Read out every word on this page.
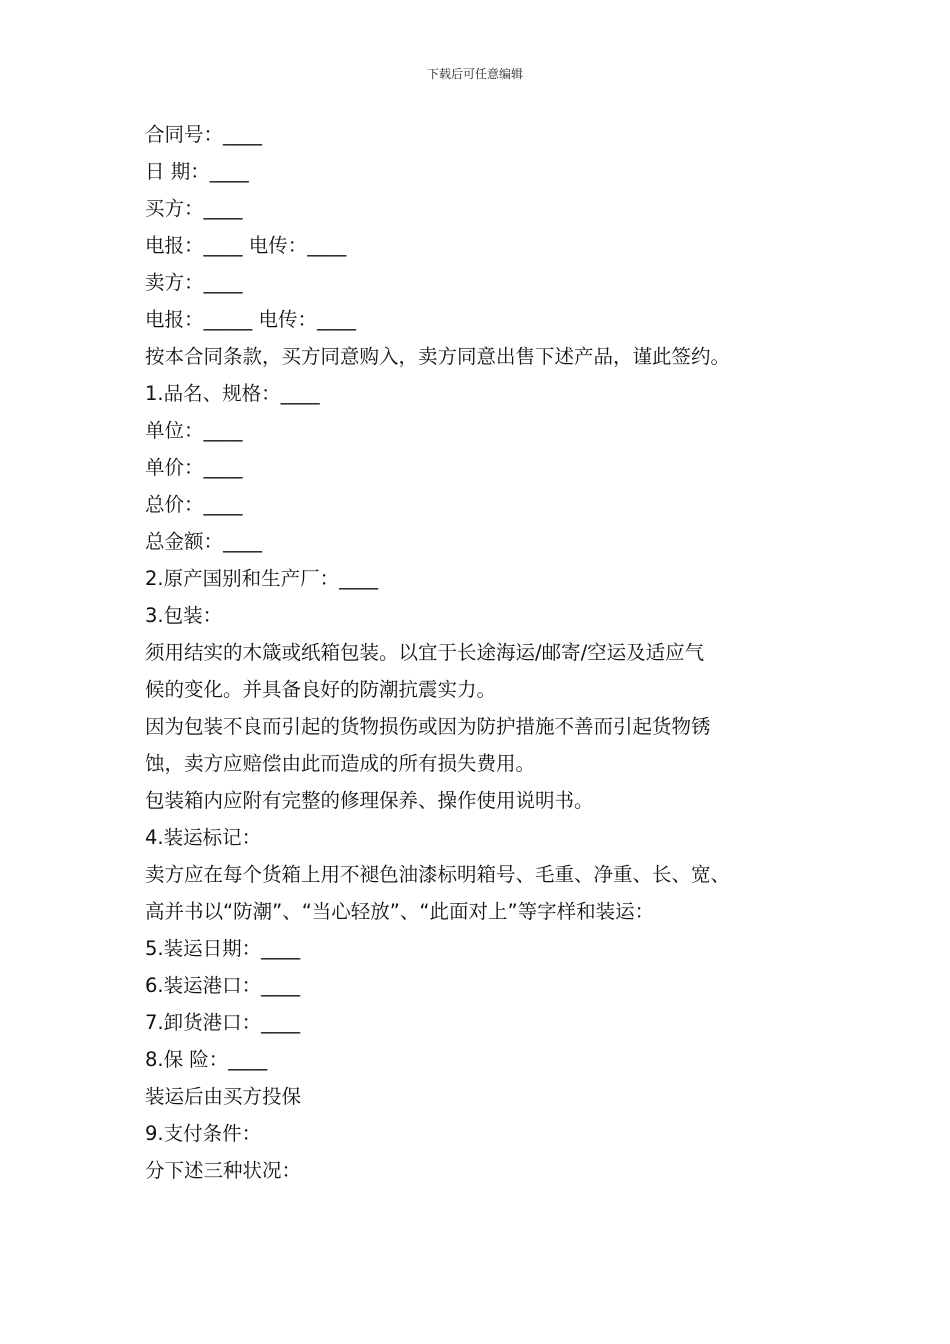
下载后可任意编辑
合同号：____
日 期：____
买方：____
电报：____ 电传：____
卖方：____
电报：_____ 电传：____
按本合同条款，买方同意购入，卖方同意出售下述产品，谨此签约。
1.品名、规格：____
单位：____
单价：____
总价：____
总金额：____
2.原产国别和生产厂：____
3.包装：
须用结实的木箴或纸箱包装。以宜于长途海运/邮寄/空运及适应气
候的变化。并具备良好的防潮抗震实力。
因为包装不良而引起的货物损伤或因为防护措施不善而引起货物锈
蚀，卖方应赔偿由此而造成的所有损失费用。
包装箱内应附有完整的修理保养、操作使用说明书。
4.装运标记：
卖方应在每个货箱上用不褪色油漆标明箱号、毛重、净重、长、宽、
高并书以“防潮”、“当心轻放”、“此面对上”等字样和装运：
5.装运日期：____
6.装运港口：____
7.卸货港口：____
8.保 险：____
装运后由买方投保
9.支付条件：
分下述三种状况：
